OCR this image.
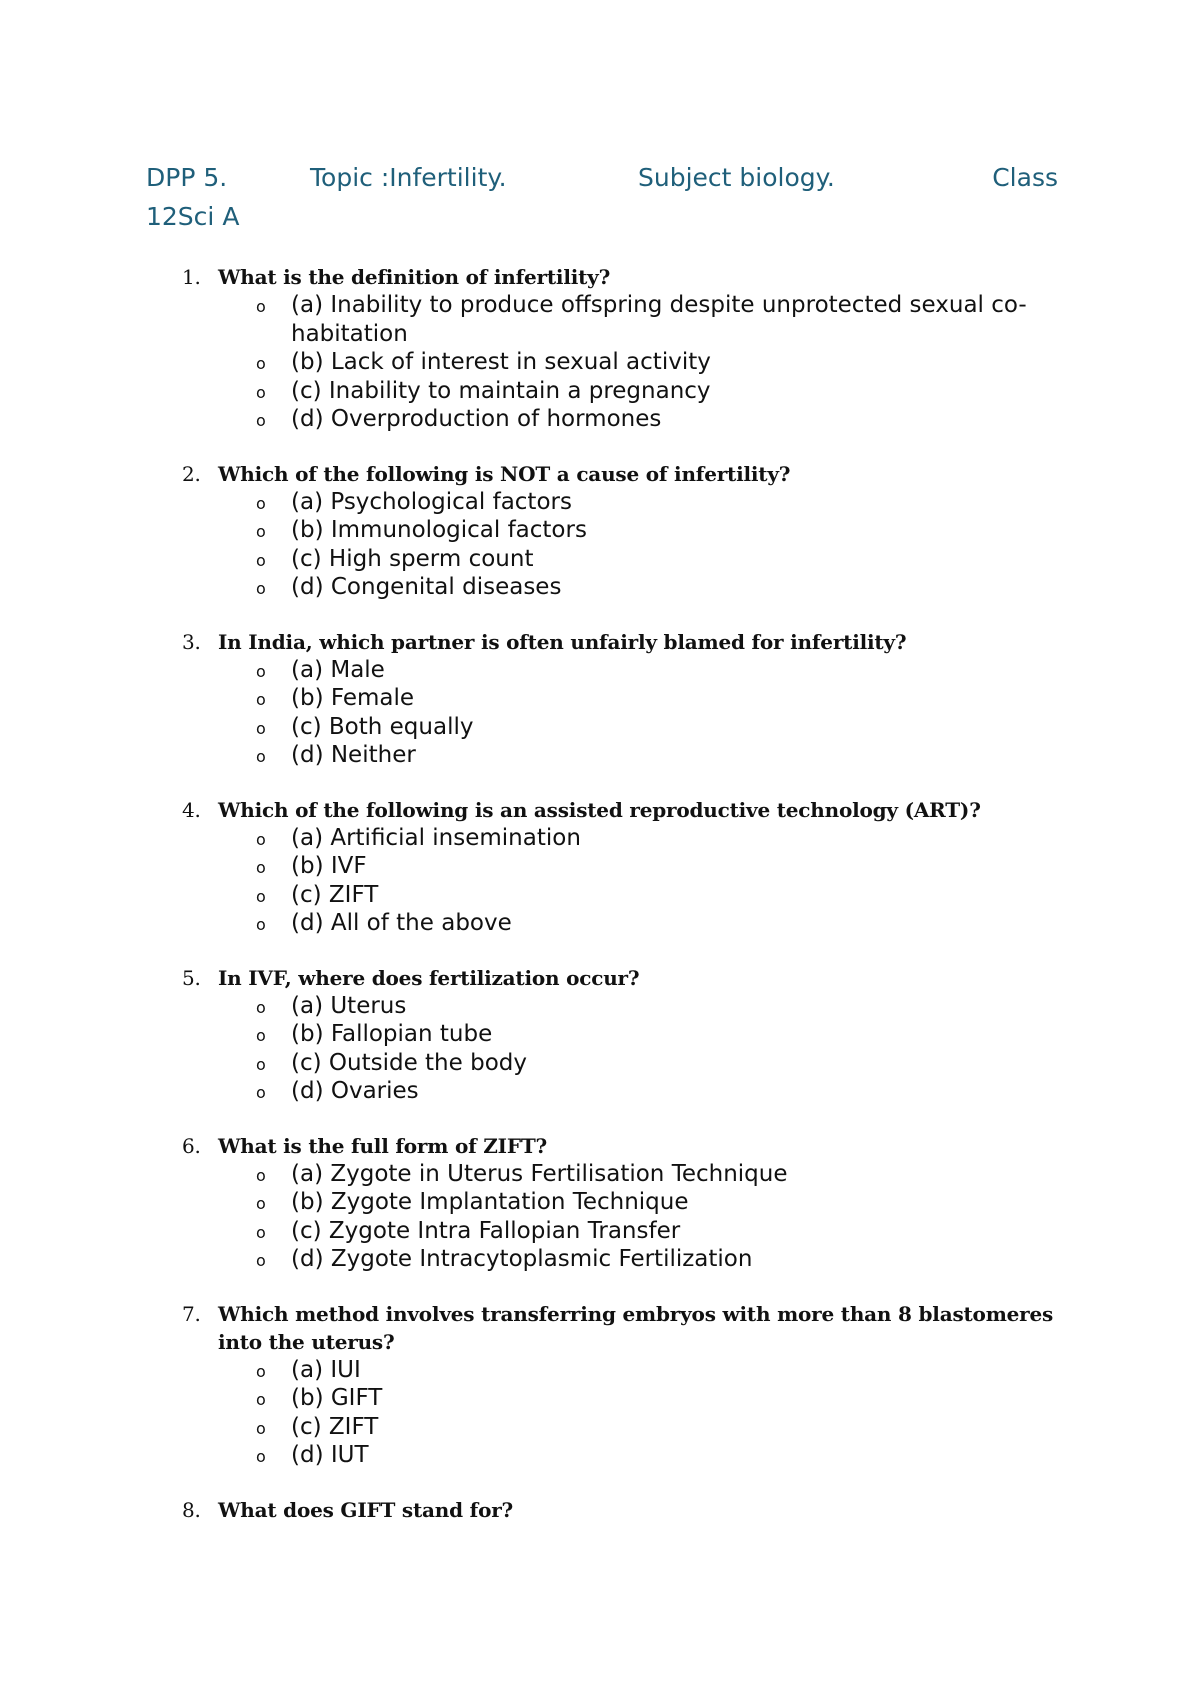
DPP 5.	Topic :Infertility.	Subject biology.	Class
12Sci A
1. What is the definition of infertility?
o (a) Inability to produce offspring despite unprotected sexual co-habitation
o (b) Lack of interest in sexual activity
o (c) Inability to maintain a pregnancy
o (d) Overproduction of hormones
2. Which of the following is NOT a cause of infertility?
o (a) Psychological factors
o (b) Immunological factors
o (c) High sperm count
o (d) Congenital diseases
3. In India, which partner is often unfairly blamed for infertility?
o (a) Male
o (b) Female
o (c) Both equally
o (d) Neither
4. Which of the following is an assisted reproductive technology (ART)?
o (a) Artificial insemination
o (b) IVF
o (c) ZIFT
o (d) All of the above
5. In IVF, where does fertilization occur?
o (a) Uterus
o (b) Fallopian tube
o (c) Outside the body
o (d) Ovaries
6. What is the full form of ZIFT?
o (a) Zygote in Uterus Fertilisation Technique
o (b) Zygote Implantation Technique
o (c) Zygote Intra Fallopian Transfer
o (d) Zygote Intracytoplasmic Fertilization
7. Which method involves transferring embryos with more than 8 blastomeres into the uterus?
o (a) IUI
o (b) GIFT
o (c) ZIFT
o (d) IUT
8. What does GIFT stand for?
